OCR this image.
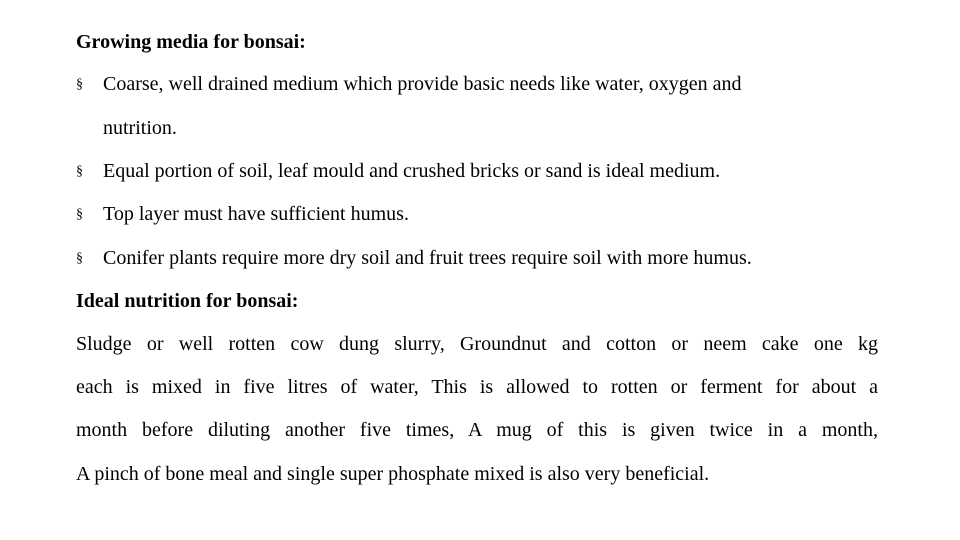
Growing media for bonsai:
§ Coarse, well drained medium which provide basic needs like water, oxygen and
nutrition.
§ Equal portion of soil, leaf mould and crushed bricks or sand is ideal medium.
§ Top layer must have sufficient humus.
§ Conifer plants require more dry soil and fruit trees require soil with more humus.
Ideal nutrition for bonsai:
Sludge or well rotten cow dung slurry, Groundnut and cotton or neem cake one kg
each is mixed in five litres of water, This is allowed to rotten or ferment for about a
month before diluting another five times, A mug of this is given twice in a month,
A pinch of bone meal and single super phosphate mixed is also very beneficial.
